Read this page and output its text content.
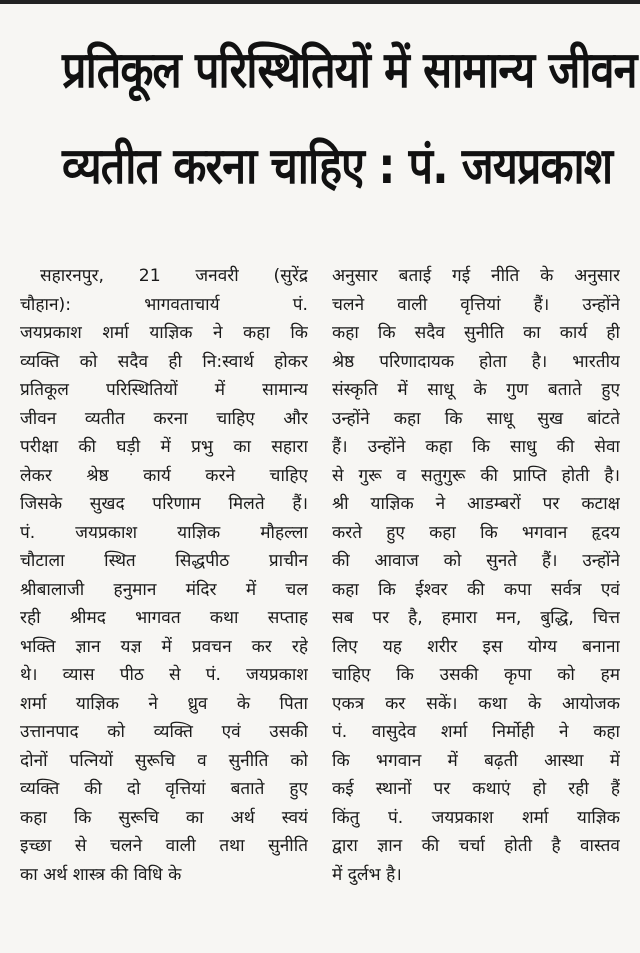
प्रतिकूल परिस्थितियों में सामान्य जीवन
व्यतीत करना चाहिए : पं. जयप्रकाश
सहारनपुर, 21 जनवरी (सुरेंद्र
चौहान): भागवताचार्य पं.
जयप्रकाश शर्मा याज्ञिक ने कहा कि
व्यक्ति को सदैव ही नि:स्वार्थ होकर
प्रतिकूल परिस्थितियों में सामान्य
जीवन व्यतीत करना चाहिए और
परीक्षा की घड़ी में प्रभु का सहारा
लेकर श्रेष्ठ कार्य करने चाहिए
जिसके सुखद परिणाम मिलते हैं।
पं. जयप्रकाश याज्ञिक मौहल्ला
चौटाला स्थित सिद्धपीठ प्राचीन
श्रीबालाजी हनुमान मंदिर में चल
रही श्रीमद भागवत कथा सप्ताह
भक्ति ज्ञान यज्ञ में प्रवचन कर रहे
थे। व्यास पीठ से पं. जयप्रकाश
शर्मा याज्ञिक ने ध्रुव के पिता
उत्तानपाद को व्यक्ति एवं उसकी
दोनों पत्नियों सुरूचि व सुनीति को
व्यक्ति की दो वृत्तियां बताते हुए
कहा कि सुरूचि का अर्थ स्वयं
इच्छा से चलने वाली तथा सुनीति
का अर्थ शास्त्र की विधि के
अनुसार बताई गई नीति के अनुसार
चलने वाली वृत्तियां हैं। उन्होंने
कहा कि सदैव सुनीति का कार्य ही
श्रेष्ठ परिणादायक होता है। भारतीय
संस्कृति में साधू के गुण बताते हुए
उन्होंने कहा कि साधू सुख बांटते
हैं। उन्होंने कहा कि साधु की सेवा
से गुरू व सतुगुरू की प्राप्ति होती है।
श्री याज्ञिक ने आडम्बरों पर कटाक्ष
करते हुए कहा कि भगवान हृदय
की आवाज को सुनते हैं। उन्होंने
कहा कि ईश्वर की कपा सर्वत्र एवं
सब पर है, हमारा मन, बुद्धि, चित्त
लिए यह शरीर इस योग्य बनाना
चाहिए कि उसकी कृपा को हम
एकत्र कर सकें। कथा के आयोजक
पं. वासुदेव शर्मा निर्मोही ने कहा
कि भगवान में बढ़ती आस्था में
कई स्थानों पर कथाएं हो रही हैं
किंतु पं. जयप्रकाश शर्मा याज्ञिक
द्वारा ज्ञान की चर्चा होती है वास्तव
में दुर्लभ है।
